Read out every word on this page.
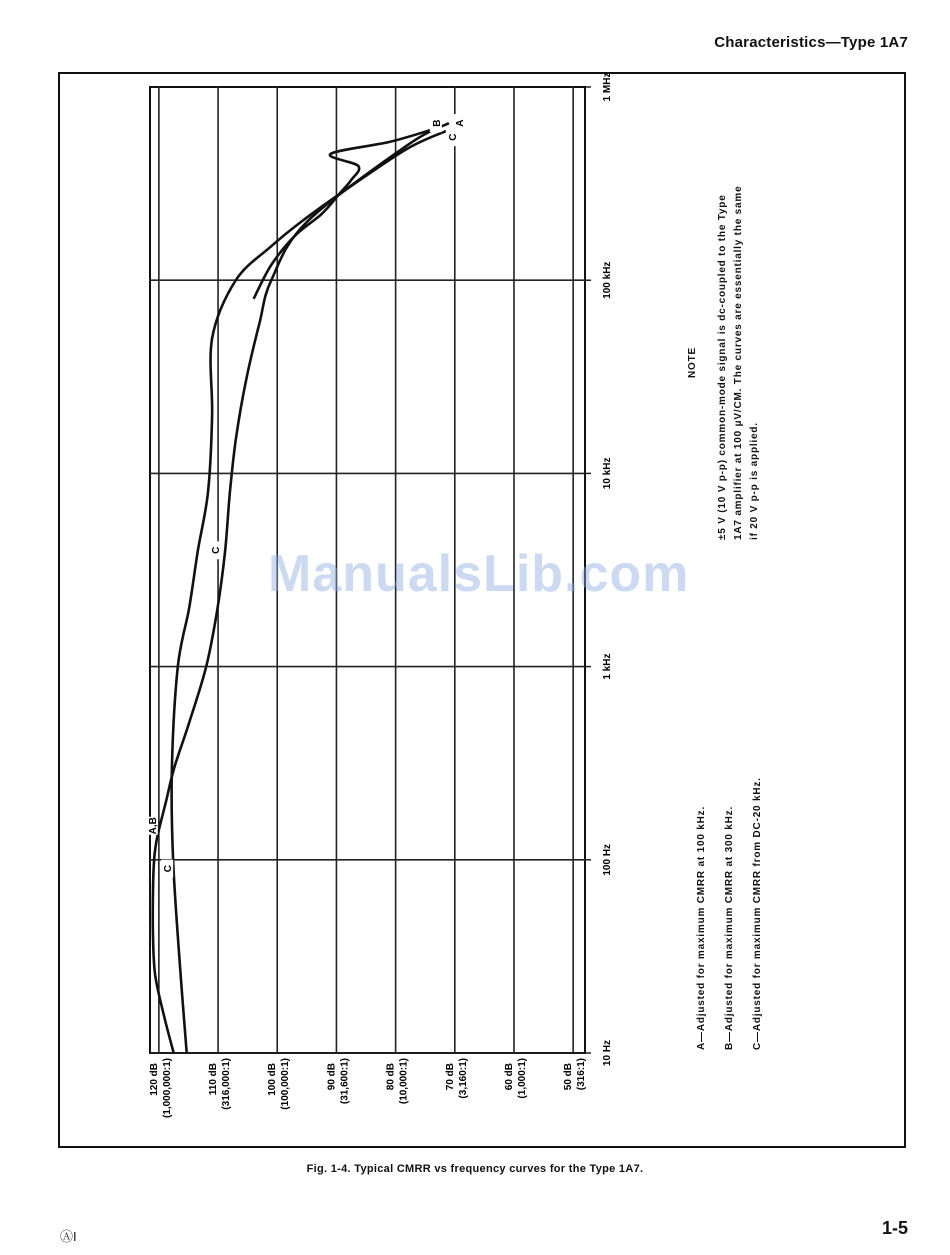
Characteristics—Type 1A7
120 dB (1,000,000:1)	110 dB (316,000:1)	100 dB (100,000:1)	90 dB (31,600:1)	80 dB (10,000:1)	70 dB (3,160:1)	60 dB (1,000:1)	50 dB (316:1)
10 Hz
100 Hz
1 kHz
10 kHz
100 kHz
1 MHz
A,B
C
C
B A
C
A—Adjusted for maximum CMRR at 100 kHz. B—Adjusted for maximum CMRR at 300 kHz. C—Adjusted for maximum CMRR from DC-20 kHz.
NOTE ±5 V (10 V p-p) common-mode signal is dc-coupled to the Type 1A7 amplifier at 100 μV/CM. The curves are essentially the same if 20 V p-p is applied.
ManualsLib.com
Fig. 1-4. Typical CMRR vs frequency curves for the Type 1A7.
ⒶI	1-5
